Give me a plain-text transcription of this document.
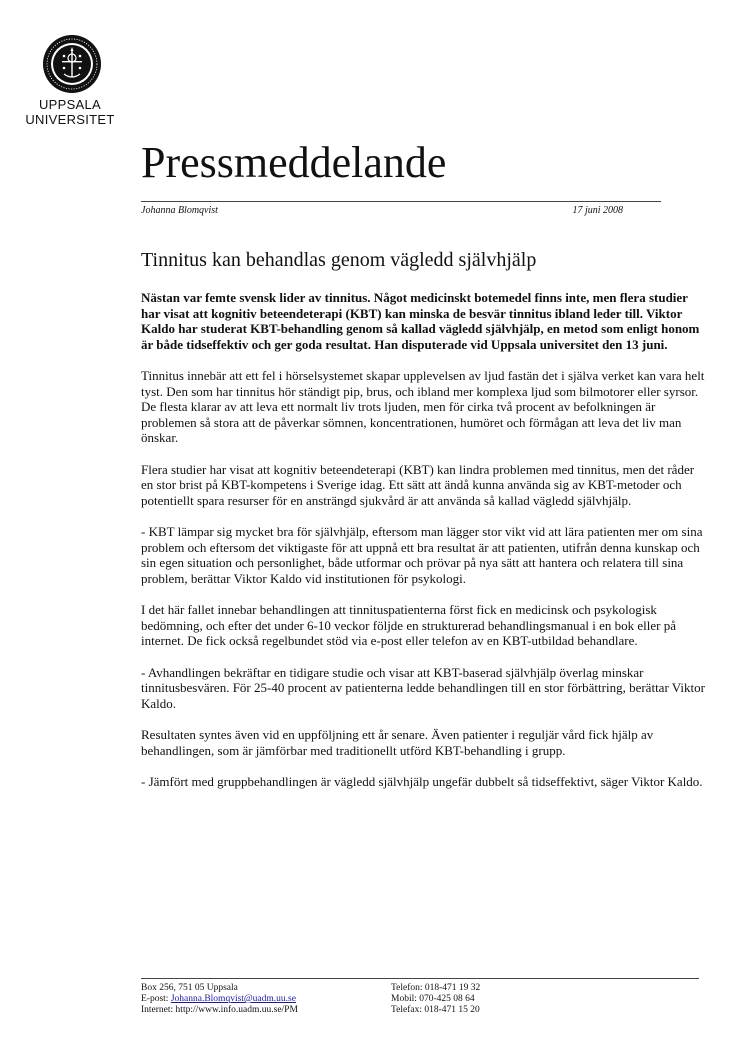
UPPSALA
UNIVERSITET
Pressmeddelande
Johanna Blomqvist	17 juni 2008
Tinnitus kan behandlas genom vägledd självhjälp

Nästan var femte svensk lider av tinnitus. Något medicinskt botemedel finns inte, men flera studier har visat att kognitiv beteendeterapi (KBT) kan minska de besvär tinnitus ibland leder till. Viktor Kaldo har studerat KBT-behandling genom så kallad vägledd självhjälp, en metod som enligt honom är både tidseffektiv och ger goda resultat. Han disputerade vid Uppsala universitet den 13 juni.

Tinnitus innebär att ett fel i hörselsystemet skapar upplevelsen av ljud fastän det i själva verket kan vara helt tyst. Den som har tinnitus hör ständigt pip, brus, och ibland mer komplexa ljud som bilmotorer eller syrsor. De flesta klarar av att leva ett normalt liv trots ljuden, men för cirka två procent av befolkningen är problemen så stora att de påverkar sömnen, koncentrationen, humöret och förmågan att leva det liv man önskar.

Flera studier har visat att kognitiv beteendeterapi (KBT) kan lindra problemen med tinnitus, men det råder en stor brist på KBT-kompetens i Sverige idag. Ett sätt att ändå kunna använda sig av KBT-metoder och potentiellt spara resurser för en ansträngd sjukvård är att använda så kallad vägledd självhjälp.

- KBT lämpar sig mycket bra för självhjälp, eftersom man lägger stor vikt vid att lära patienten mer om sina problem och eftersom det viktigaste för att uppnå ett bra resultat är att patienten, utifrån denna kunskap och sin egen situation och personlighet, både utformar och prövar på nya sätt att hantera och relatera till sina problem, berättar Viktor Kaldo vid institutionen för psykologi.

I det här fallet innebar behandlingen att tinnituspatienterna först fick en medicinsk och psykologisk bedömning, och efter det under 6-10 veckor följde en strukturerad behandlingsmanual i en bok eller på internet. De fick också regelbundet stöd via e-post eller telefon av en KBT-utbildad behandlare.

- Avhandlingen bekräftar en tidigare studie och visar att KBT-baserad självhjälp överlag minskar tinnitusbesvären. För 25-40 procent av patienterna ledde behandlingen till en stor förbättring, berättar Viktor Kaldo.

Resultaten syntes även vid en uppföljning ett år senare. Även patienter i reguljär vård fick hjälp av behandlingen, som är jämförbar med traditionellt utförd KBT-behandling i grupp.

- Jämfört med gruppbehandlingen är vägledd självhjälp ungefär dubbelt så tidseffektivt, säger Viktor Kaldo.

Box 256, 751 05 Uppsala
E-post: Johanna.Blomqvist@uadm.uu.se
Internet: http://www.info.uadm.uu.se/PM
Telefon: 018-471 19 32
Mobil: 070-425 08 64
Telefax: 018-471 15 20
